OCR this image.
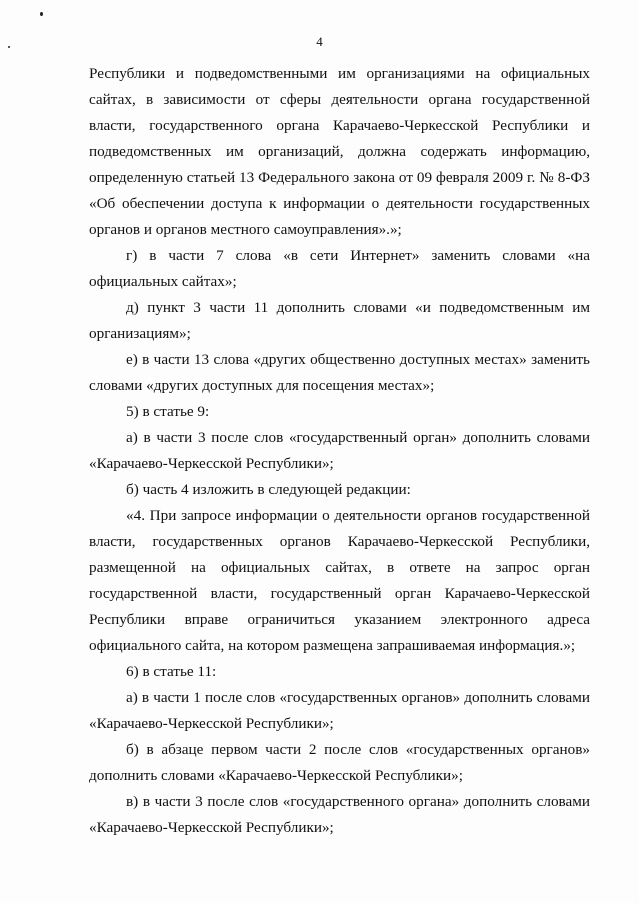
4

Республики и подведомственными им организациями на официальных сайтах, в зависимости от сферы деятельности органа государственной власти, государственного органа Карачаево-Черкесской Республики и подведомственных им организаций, должна содержать информацию, определенную статьей 13 Федерального закона от 09 февраля 2009 г. № 8-ФЗ «Об обеспечении доступа к информации о деятельности государственных органов и органов местного самоуправления».»;

г) в части 7 слова «в сети Интернет» заменить словами «на официальных сайтах»;

д) пункт 3 части 11 дополнить словами «и подведомственным им организациям»;

е) в части 13 слова «других общественно доступных местах» заменить словами «других доступных для посещения местах»;

5) в статье 9:

а) в части 3 после слов «государственный орган» дополнить словами «Карачаево-Черкесской Республики»;

б) часть 4 изложить в следующей редакции:

«4. При запросе информации о деятельности органов государственной власти, государственных органов Карачаево-Черкесской Республики, размещенной на официальных сайтах, в ответе на запрос орган государственной власти, государственный орган Карачаево-Черкесской Республики вправе ограничиться указанием электронного адреса официального сайта, на котором размещена запрашиваемая информация.»;

6) в статье 11:

а) в части 1 после слов «государственных органов» дополнить словами «Карачаево-Черкесской Республики»;

б) в абзаце первом части 2 после слов «государственных органов» дополнить словами «Карачаево-Черкесской Республики»;

в) в части 3 после слов «государственного органа» дополнить словами «Карачаево-Черкесской Республики»;
